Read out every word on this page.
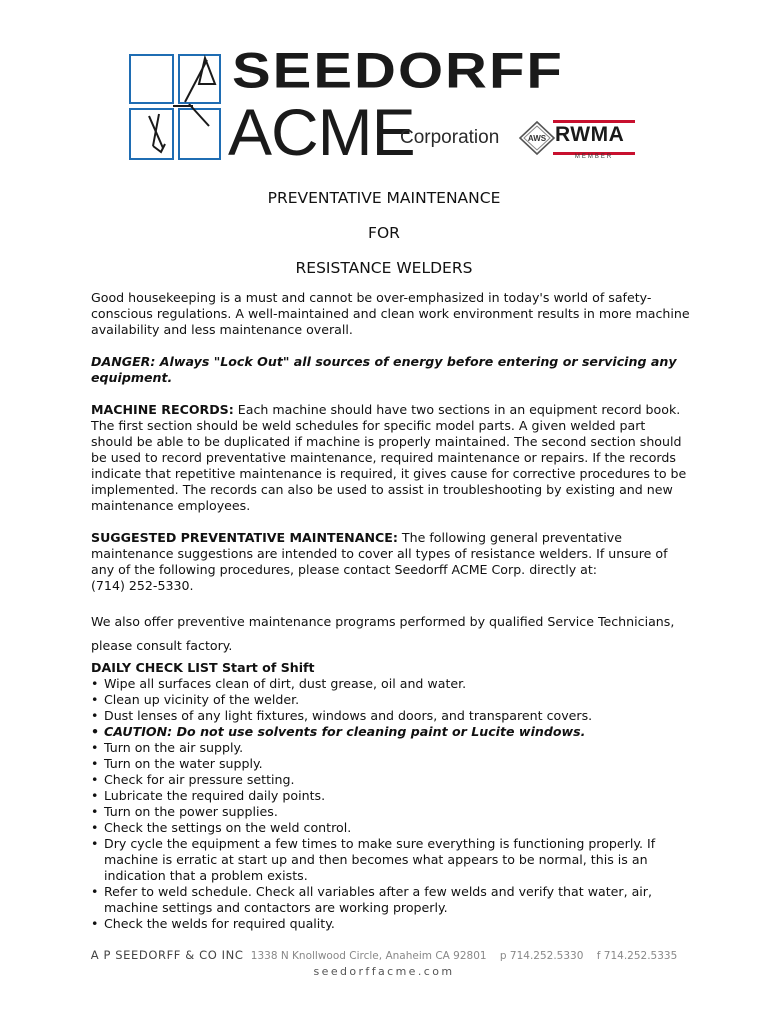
SEEDORFF
ACME
Corporation	AWS RWMA
MEMBER
PREVENTATIVE MAINTENANCE
FOR
RESISTANCE WELDERS

Good housekeeping is a must and cannot be over-emphasized in today's world of safety-conscious regulations. A well-maintained and clean work environment results in more machine availability and less maintenance overall.

DANGER: Always "Lock Out" all sources of energy before entering or servicing any equipment.

MACHINE RECORDS: Each machine should have two sections in an equipment record book. The first section should be weld schedules for specific model parts. A given welded part should be able to be duplicated if machine is properly maintained. The second section should be used to record preventative maintenance, required maintenance or repairs. If the records indicate that repetitive maintenance is required, it gives cause for corrective procedures to be implemented. The records can also be used to assist in troubleshooting by existing and new maintenance employees.

SUGGESTED PREVENTATIVE MAINTENANCE: The following general preventative maintenance suggestions are intended to cover all types of resistance welders. If unsure of any of the following procedures, please contact Seedorff ACME Corp. directly at:
(714) 252-5330.

We also offer preventive maintenance programs performed by qualified Service Technicians,
please consult factory.

DAILY CHECK LIST Start of Shift
• Wipe all surfaces clean of dirt, dust grease, oil and water.
• Clean up vicinity of the welder.
• Dust lenses of any light fixtures, windows and doors, and transparent covers.
• CAUTION: Do not use solvents for cleaning paint or Lucite windows.
• Turn on the air supply.
• Turn on the water supply.
• Check for air pressure setting.
• Lubricate the required daily points.
• Turn on the power supplies.
• Check the settings on the weld control.
• Dry cycle the equipment a few times to make sure everything is functioning properly. If machine is erratic at start up and then becomes what appears to be normal, this is an indication that a problem exists.
• Refer to weld schedule. Check all variables after a few welds and verify that water, air, machine settings and contactors are working properly.
• Check the welds for required quality.
A P SEEDORFF & CO INC 1338 N Knollwood Circle, Anaheim CA 92801 p 714.252.5330 f 714.252.5335
seedorffacme.com
